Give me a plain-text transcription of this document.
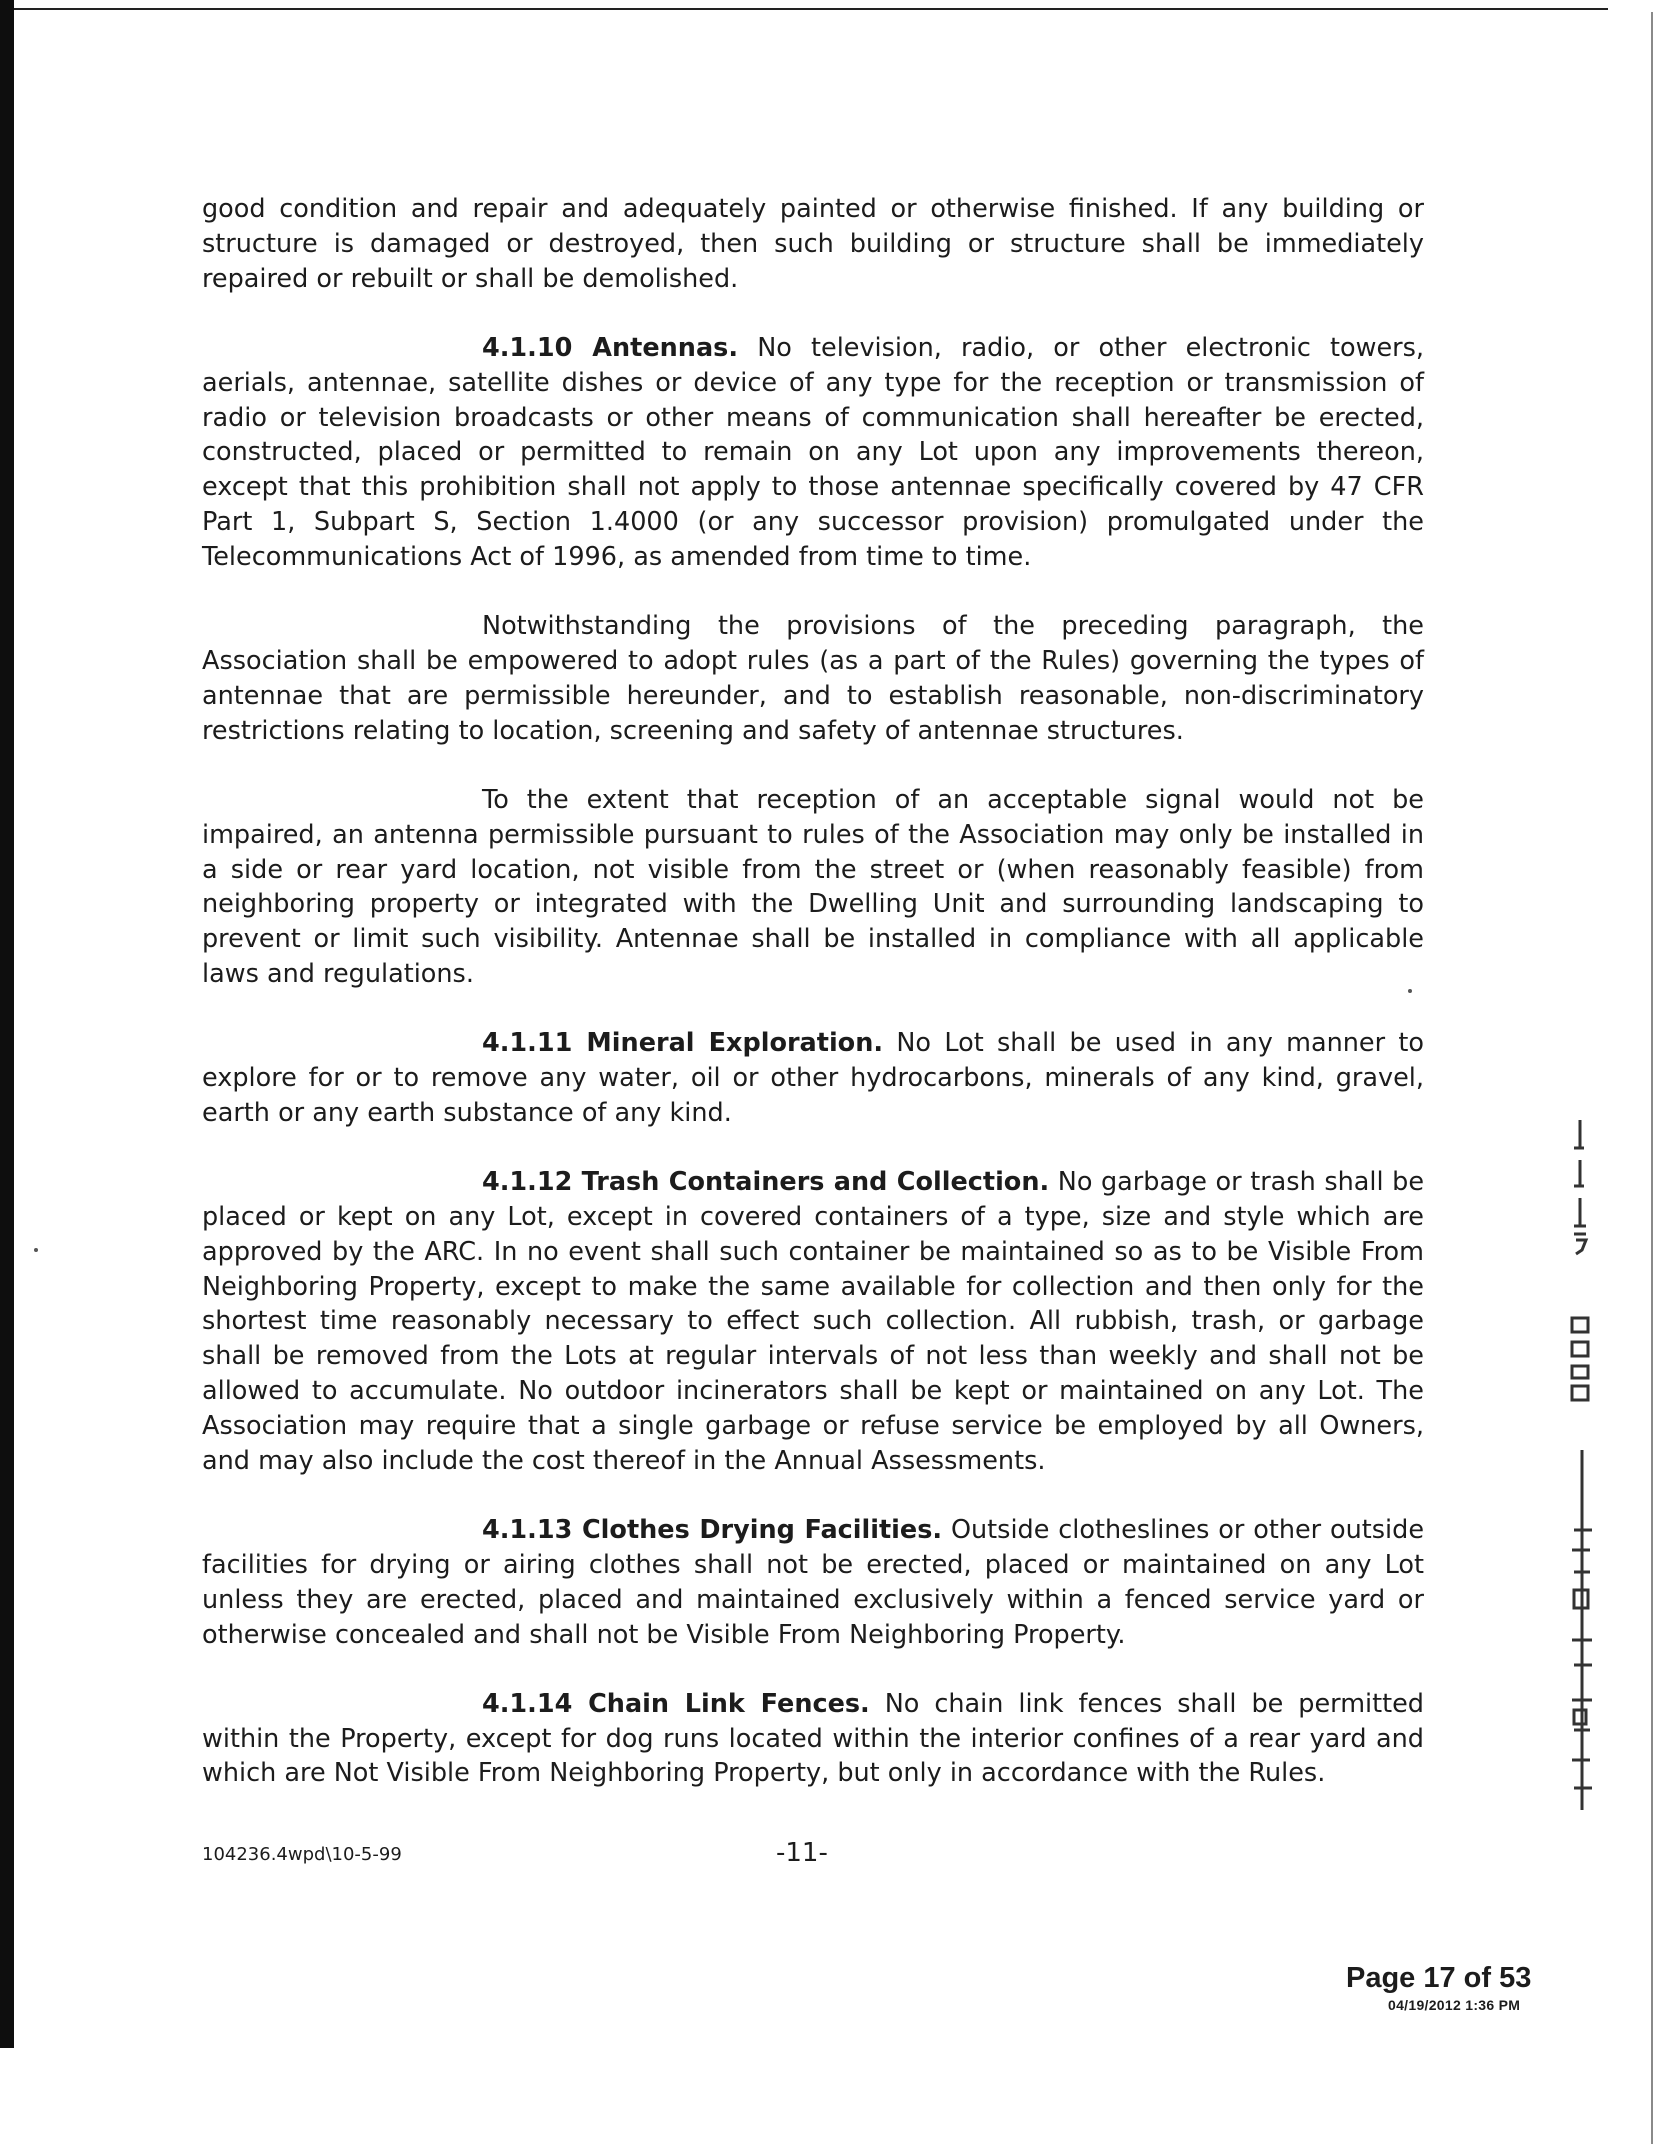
good condition and repair and adequately painted or otherwise finished. If any building or structure is damaged or destroyed, then such building or structure shall be immediately repaired or rebuilt or shall be demolished.

4.1.10 Antennas. No television, radio, or other electronic towers, aerials, antennae, satellite dishes or device of any type for the reception or transmission of radio or television broadcasts or other means of communication shall hereafter be erected, constructed, placed or permitted to remain on any Lot upon any improvements thereon, except that this prohibition shall not apply to those antennae specifically covered by 47 CFR Part 1, Subpart S, Section 1.4000 (or any successor provision) promulgated under the Telecommunications Act of 1996, as amended from time to time.

Notwithstanding the provisions of the preceding paragraph, the Association shall be empowered to adopt rules (as a part of the Rules) governing the types of antennae that are permissible hereunder, and to establish reasonable, non-discriminatory restrictions relating to location, screening and safety of antennae structures.

To the extent that reception of an acceptable signal would not be impaired, an antenna permissible pursuant to rules of the Association may only be installed in a side or rear yard location, not visible from the street or (when reasonably feasible) from neighboring property or integrated with the Dwelling Unit and surrounding landscaping to prevent or limit such visibility. Antennae shall be installed in compliance with all applicable laws and regulations.

4.1.11 Mineral Exploration. No Lot shall be used in any manner to explore for or to remove any water, oil or other hydrocarbons, minerals of any kind, gravel, earth or any earth substance of any kind.

4.1.12 Trash Containers and Collection. No garbage or trash shall be placed or kept on any Lot, except in covered containers of a type, size and style which are approved by the ARC. In no event shall such container be maintained so as to be Visible From Neighboring Property, except to make the same available for collection and then only for the shortest time reasonably necessary to effect such collection. All rubbish, trash, or garbage shall be removed from the Lots at regular intervals of not less than weekly and shall not be allowed to accumulate. No outdoor incinerators shall be kept or maintained on any Lot. The Association may require that a single garbage or refuse service be employed by all Owners, and may also include the cost thereof in the Annual Assessments.

4.1.13 Clothes Drying Facilities. Outside clotheslines or other outside facilities for drying or airing clothes shall not be erected, placed or maintained on any Lot unless they are erected, placed and maintained exclusively within a fenced service yard or otherwise concealed and shall not be Visible From Neighboring Property.

4.1.14 Chain Link Fences. No chain link fences shall be permitted within the Property, except for dog runs located within the interior confines of a rear yard and which are Not Visible From Neighboring Property, but only in accordance with the Rules.

104236.4wpd\10-5-99	-11-
Page 17 of 53
04/19/2012 1:36 PM
